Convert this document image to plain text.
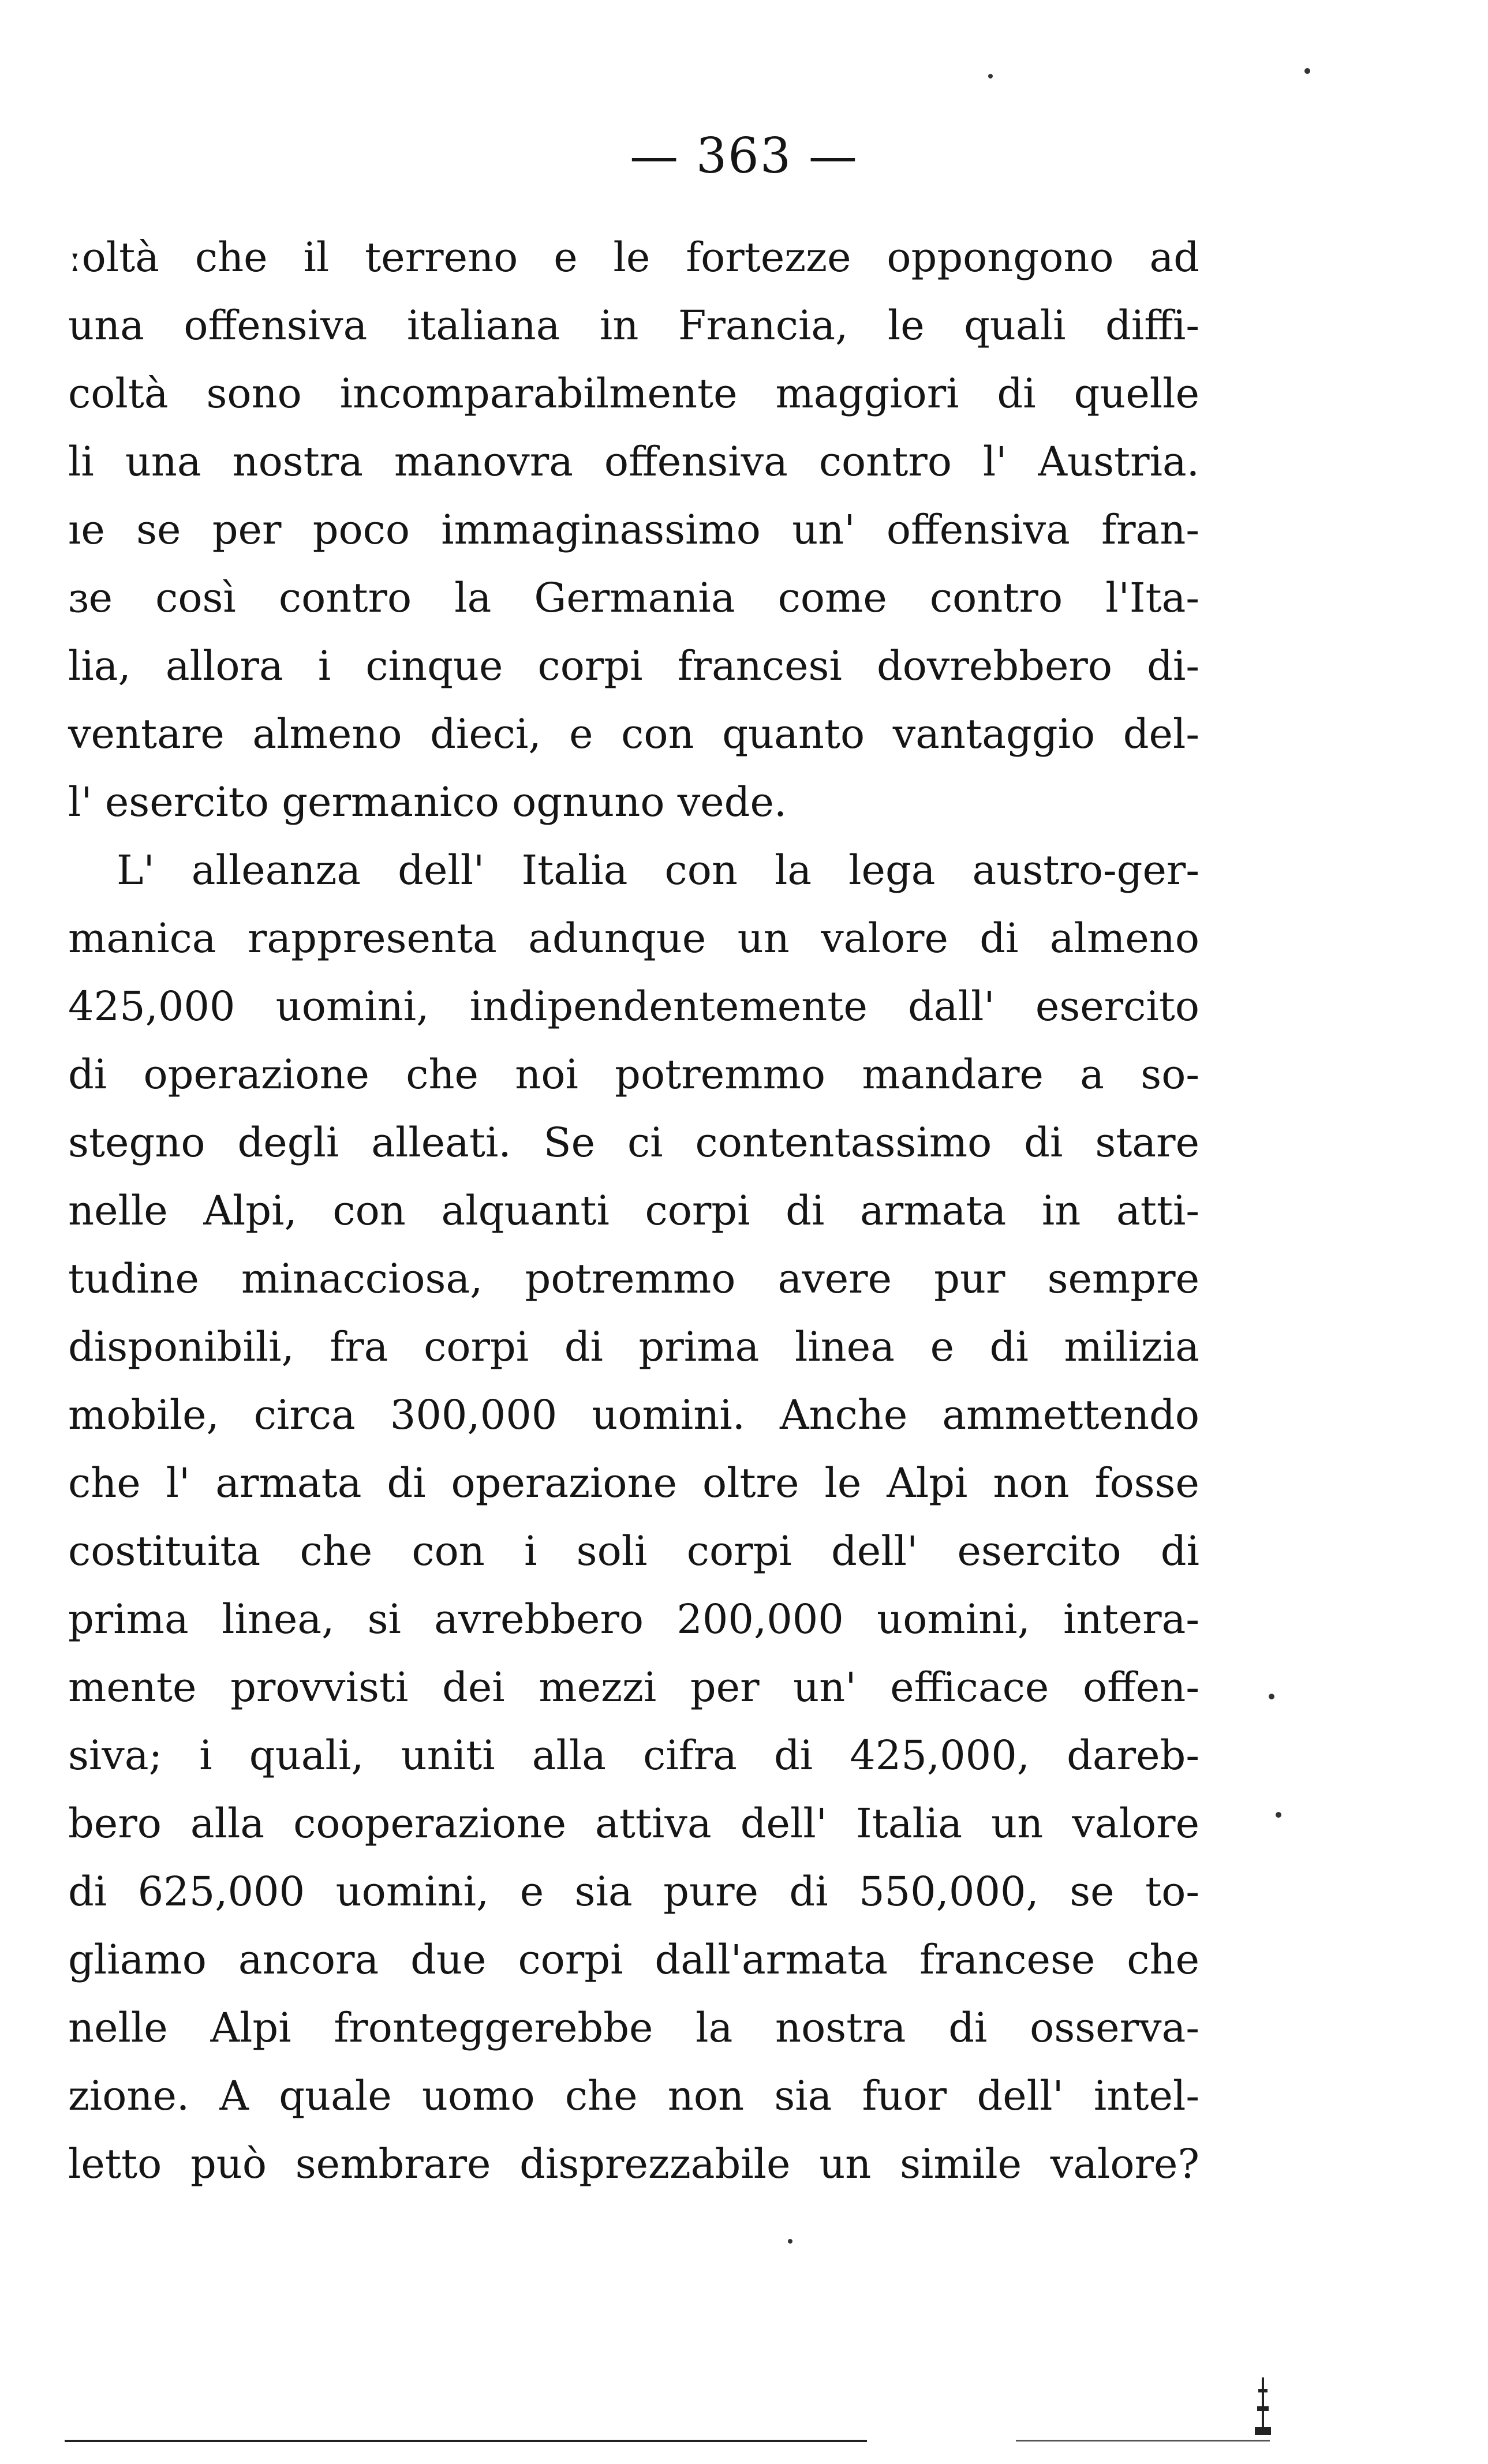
— 363 —
ːoltà che il terreno e le fortezze oppongono ad
una offensiva italiana in Francia, le quali diffi-
coltà sono incomparabilmente maggiori di quelle
li una nostra manovra offensiva contro l' Austria.
ıe se per poco immaginassimo un' offensiva fran-
ɜe così contro la Germania come contro l'Ita-
lia, allora i cinque corpi francesi dovrebbero di-
ventare almeno dieci, e con quanto vantaggio del-
l' esercito germanico ognuno vede.
L' alleanza dell' Italia con la lega austro-ger-
manica rappresenta adunque un valore di almeno
425,000 uomini, indipendentemente dall' esercito
di operazione che noi potremmo mandare a so-
stegno degli alleati. Se ci contentassimo di stare
nelle Alpi, con alquanti corpi di armata in atti-
tudine minacciosa, potremmo avere pur sempre
disponibili, fra corpi di prima linea e di milizia
mobile, circa 300,000 uomini. Anche ammettendo
che l' armata di operazione oltre le Alpi non fosse
costituita che con i soli corpi dell' esercito di
prima linea, si avrebbero 200,000 uomini, intera-
mente provvisti dei mezzi per un' efficace offen-
siva; i quali, uniti alla cifra di 425,000, dareb-
bero alla cooperazione attiva dell' Italia un valore
di 625,000 uomini, e sia pure di 550,000, se to-
gliamo ancora due corpi dall'armata francese che
nelle Alpi fronteggerebbe la nostra di osserva-
zione. A quale uomo che non sia fuor dell' intel-
letto può sembrare disprezzabile un simile valore?
